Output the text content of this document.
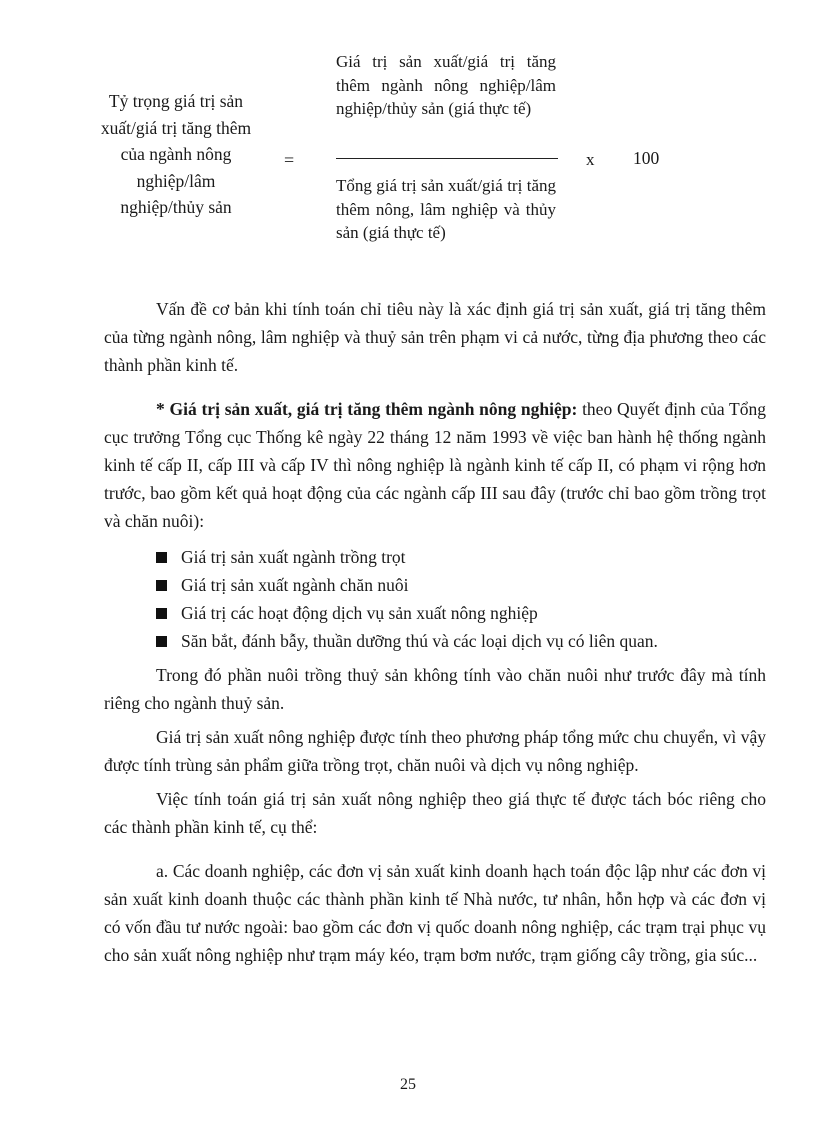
Tỷ trọng giá trị sản xuất/giá trị tăng thêm của ngành nông nghiệp/lâm nghiệp/thủy sản
=
Giá trị sản xuất/giá trị tăng thêm ngành nông nghiệp/lâm nghiệp/thủy sản (giá thực tế)
Tổng giá trị sản xuất/giá trị tăng thêm nông, lâm nghiệp và thủy sản (giá thực tế)
x 100

Vấn đề cơ bản khi tính toán chỉ tiêu này là xác định giá trị sản xuất, giá trị tăng thêm của từng ngành nông, lâm nghiệp và thuỷ sản trên phạm vi cả nước, từng địa phương theo các thành phần kinh tế.

* Giá trị sản xuất, giá trị tăng thêm ngành nông nghiệp: theo Quyết định của Tổng cục trưởng Tổng cục Thống kê ngày 22 tháng 12 năm 1993 về việc ban hành hệ thống ngành kinh tế cấp II, cấp III và cấp IV thì nông nghiệp là ngành kinh tế cấp II, có phạm vi rộng hơn trước, bao gồm kết quả hoạt động của các ngành cấp III sau đây (trước chỉ bao gồm trồng trọt và chăn nuôi):

Giá trị sản xuất ngành trồng trọt
Giá trị sản xuất ngành chăn nuôi
Giá trị các hoạt động dịch vụ sản xuất nông nghiệp
Săn bắt, đánh bẫy, thuần dưỡng thú và các loại dịch vụ có liên quan.

Trong đó phần nuôi trồng thuỷ sản không tính vào chăn nuôi như trước đây mà tính riêng cho ngành thuỷ sản.

Giá trị sản xuất nông nghiệp được tính theo phương pháp tổng mức chu chuyển, vì vậy được tính trùng sản phẩm giữa trồng trọt, chăn nuôi và dịch vụ nông nghiệp.

Việc tính toán giá trị sản xuất nông nghiệp theo giá thực tế được tách bóc riêng cho các thành phần kinh tế, cụ thể:

a. Các doanh nghiệp, các đơn vị sản xuất kinh doanh hạch toán độc lập như các đơn vị sản xuất kinh doanh thuộc các thành phần kinh tế Nhà nước, tư nhân, hỗn hợp và các đơn vị có vốn đầu tư nước ngoài: bao gồm các đơn vị quốc doanh nông nghiệp, các trạm trại phục vụ cho sản xuất nông nghiệp như trạm máy kéo, trạm bơm nước, trạm giống cây trồng, gia súc...

25
